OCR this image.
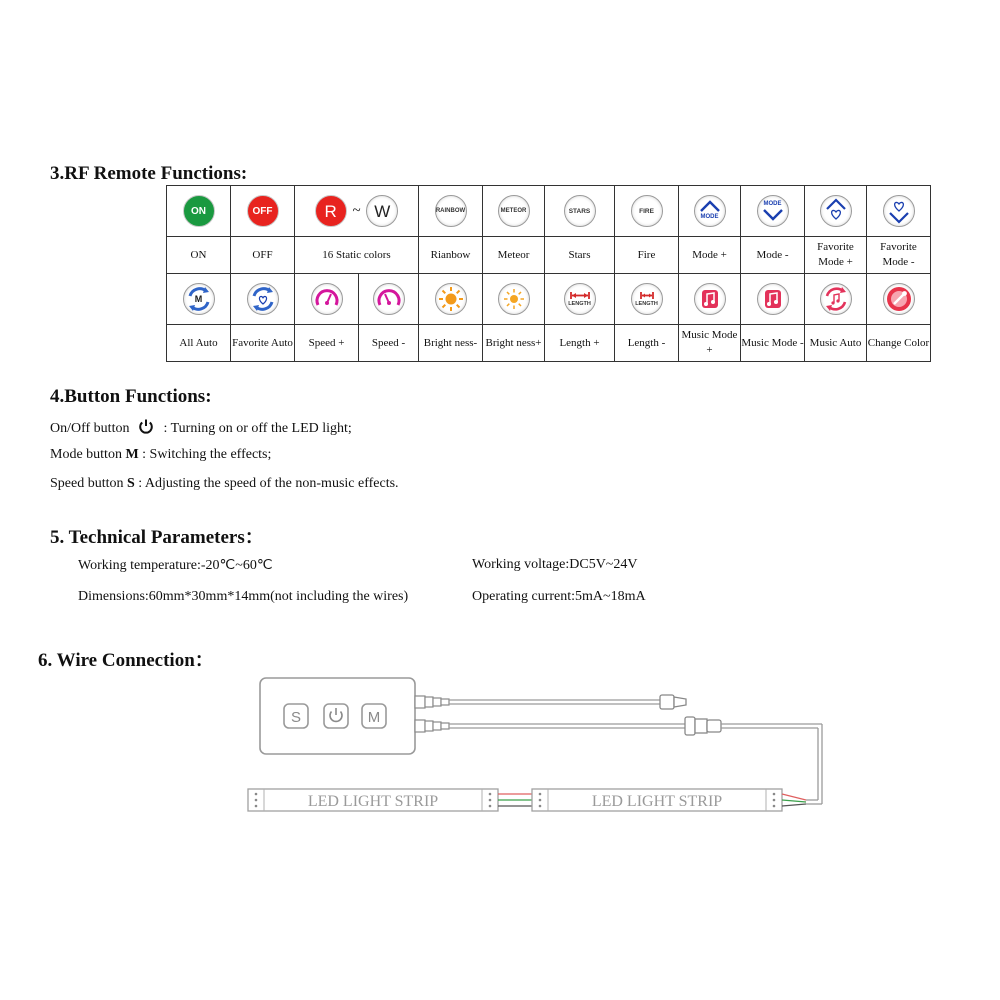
3.RF Remote Functions:
ON	OFF	R ~ W		RAINBOW	METEOR	STARS	FIRE	MODE	MODE

ON	OFF	16 Static colors		Rianbow	Meteor	Stars	Fire	Mode +	Mode -	Favorite Mode +	Favorite Mode -

M						LENGTH	LENGTH

All Auto	Favorite Auto	Speed +	Speed -	Bright ness-	Bright ness+	Length +	Length -	Music Mode +	Music Mode -	Music Auto	Change Color
4.Button Functions:
On/Off button : Turning on or off the LED light;
Mode button M : Switching the effects;
Speed button S : Adjusting the speed of the non-music effects.
5. Technical Parameters：
Working temperature:-20℃~60℃	Working voltage:DC5V~24V
Dimensions:60mm*30mm*14mm(not including the wires)	Operating current:5mA~18mA
6. Wire Connection：
S	M
LED LIGHT STRIP	LED LIGHT STRIP
